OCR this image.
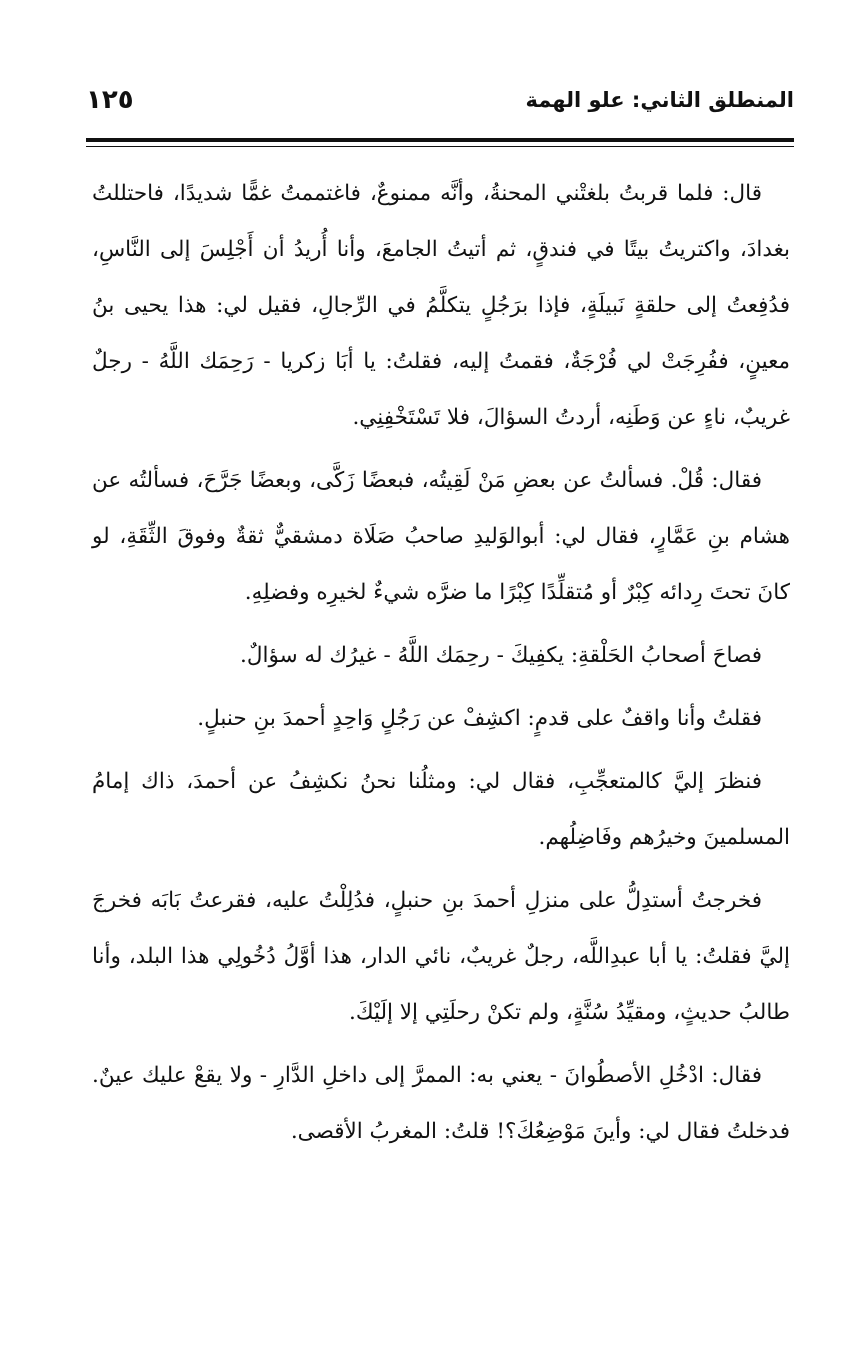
المنطلق الثاني: علو الهمة
١٢٥

قال: فلما قربتُ بلغتْني المحنةُ، وأنَّه ممنوعٌ، فاغتممتُ غمًّا شديدًا، فاحتللتُ بغدادَ، واكتريتُ بيتًا في فندقٍ، ثم أتيتُ الجامعَ، وأنا أُريدُ أن أَجْلِسَ إلى النَّاسِ، فدُفِعتُ إلى حلقةٍ نَبيلَةٍ، فإذا برَجُلٍ يتكلَّمُ في الرِّجالِ، فقيل لي: هذا يحيى بنُ معينٍ، ففُرِجَتْ لي فُرْجَةٌ، فقمتُ إليه، فقلتُ: يا أبَا زكريا - رَحِمَك اللَّهُ - رجلٌ غريبٌ، ناءٍ عن وَطَنِه، أردتُ السؤالَ، فلا تَسْتَخْفِنِي.

فقال: قُلْ. فسألتُ عن بعضِ مَنْ لَقِيتُه، فبعضًا زَكَّى، وبعضًا جَرَّحَ، فسألتُه عن هشام بنِ عَمَّارٍ، فقال لي: أبوالوَليدِ صاحبُ صَلَاة دمشقيٌّ ثقةٌ وفوقَ الثِّقَةِ، لو كانَ تحتَ رِدائه كِبْرٌ أو مُتقلِّدًا كِبْرًا ما ضرَّه شيءٌ لخيرِه وفضلِهِ.

فصاحَ أصحابُ الحَلْقةِ: يكفِيكَ - رحِمَك اللَّهُ - غيرُك له سؤالٌ.

فقلتُ وأنا واقفٌ على قدمٍ: اكشِفْ عن رَجُلٍ وَاحِدٍ أحمدَ بنِ حنبلٍ.

فنظرَ إليَّ كالمتعجِّبِ، فقال لي: ومثلُنا نحنُ نكشِفُ عن أحمدَ، ذاك إمامُ المسلمينَ وخيرُهم وفَاضِلُهم.

فخرجتُ أستدِلُّ على منزلِ أحمدَ بنِ حنبلٍ، فدُلِلْتُ عليه، فقرعتُ بَابَه فخرجَ إليَّ فقلتُ: يا أبا عبدِاللَّه، رجلٌ غريبٌ، نائي الدار، هذا أوَّلُ دُخُولِي هذا البلد، وأنا طالبُ حديثٍ، ومقيِّدُ سُنَّةٍ، ولم تكنْ رحلَتِي إلا إلَيْكَ.

فقال: ادْخُلِ الأصطُوانَ - يعني به: الممرَّ إلى داخلِ الدَّارِ - ولا يقعْ عليك عينٌ. فدخلتُ فقال لي: وأينَ مَوْضِعُكَ؟! قلتُ: المغربُ الأقصى.
